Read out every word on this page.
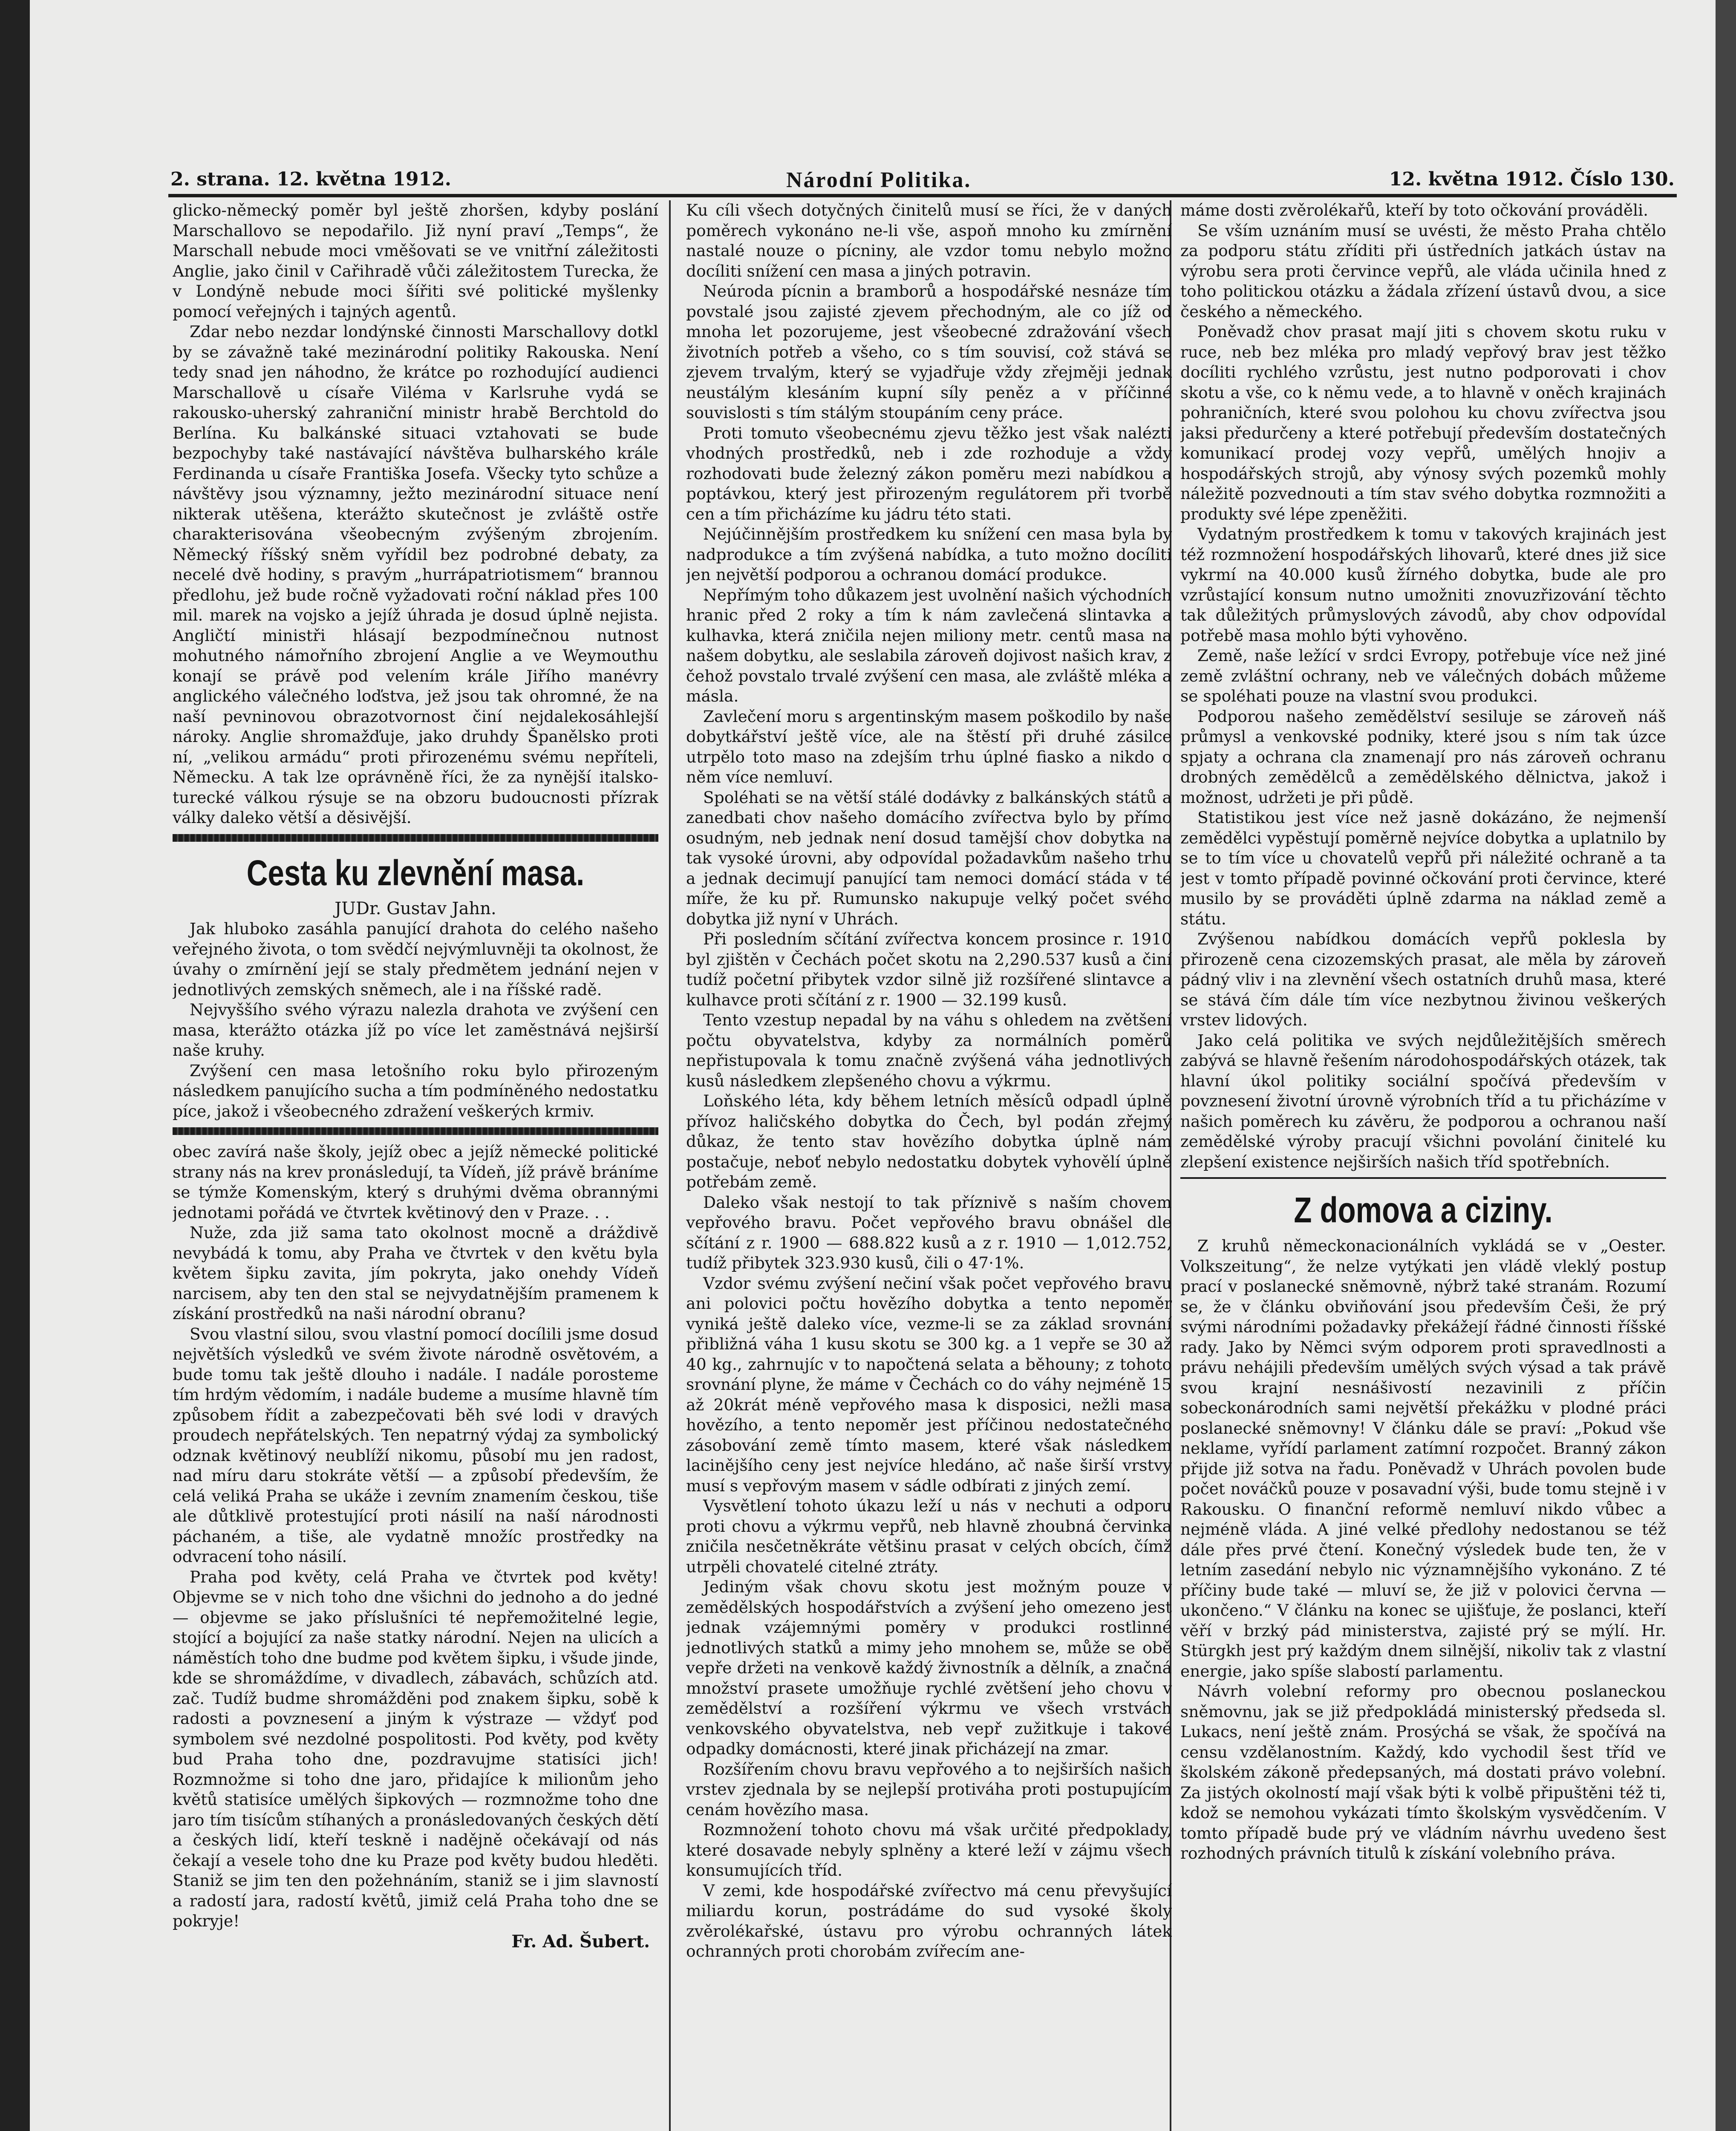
2. strana. 12. května 1912.	Národní Politika.	12. května 1912. Číslo 130.

glicko-německý poměr byl ještě zhoršen, kdyby poslání Marschallovo se nepodařilo. Již nyní praví „Temps“, že Marschall nebude moci vměšovati se ve vnitřní záležitosti Anglie, jako činil v Cařihradě vůči záležitostem Turecka, že v Londýně nebude moci šířiti své politické myšlenky pomocí veřejných i tajných agentů.

Zdar nebo nezdar londýnské činnosti Marschallovy dotkl by se závažně také mezinárodní politiky Rakouska. Není tedy snad jen náhodno, že krátce po rozhodující audienci Marschallově u císaře Viléma v Karlsruhe vydá se rakousko-uherský zahraniční ministr hrabě Berchtold do Berlína. Ku balkánské situaci vztahovati se bude bezpochyby také nastávající návštěva bulharského krále Ferdinanda u císaře Františka Josefa. Všecky tyto schůze a návštěvy jsou významny, ježto mezinárodní situace není nikterak utěšena, kterážto skutečnost je zvláště ostře charakterisována všeobecným zvýšeným zbrojením. Německý říšský sněm vyřídil bez podrobné debaty, za necelé dvě hodiny, s pravým „hurrápatriotismem“ brannou předlohu, jež bude ročně vyžadovati roční náklad přes 100 mil. marek na vojsko a jejíž úhrada je dosud úplně nejista. Angličtí ministři hlásají bezpodmínečnou nutnost mohutného námořního zbrojení Anglie a ve Weymouthu konají se právě pod velením krále Jiřího manévry anglického válečného loďstva, jež jsou tak ohromné, že na naší pevninovou obrazotvornost činí nejdalekosáhlejší nároky. Anglie shromažďuje, jako druhdy Španělsko proti ní, „velikou armádu“ proti přirozenému svému nepříteli, Německu. A tak lze oprávněně říci, že za nynější italsko-turecké válkou rýsuje se na obzoru budoucnosti přízrak války daleko větší a děsivější.

Cesta ku zlevnění masa.
JUDr. Gustav Jahn.

Jak hluboko zasáhla panující drahota do celého našeho veřejného života, o tom svědčí nejvýmluvněji ta okolnost, že úvahy o zmírnění její se staly předmětem jednání nejen v jednotlivých zemských sněmech, ale i na říšské radě.

Nejvyššího svého výrazu nalezla drahota ve zvýšení cen masa, kterážto otázka jíž po více let zaměstnává nejširší naše kruhy.

Zvýšení cen masa letošního roku bylo přirozeným následkem panujícího sucha a tím podmíněného nedostatku píce, jakož i všeobecného zdražení veškerých krmiv.

obec zavírá naše školy, jejíž obec a jejíž německé politické strany nás na krev pronásledují, ta Vídeň, jíž právě bráníme se týmže Komenským, který s druhými dvěma obrannými jednotami pořádá ve čtvrtek květinový den v Praze. . .

Nuže, zda již sama tato okolnost mocně a dráždivě nevybádá k tomu, aby Praha ve čtvrtek v den květu byla květem šipku zavita, jím pokryta, jako onehdy Vídeň narcisem, aby ten den stal se nejvydatnějším pramenem k získání prostředků na naši národní obranu?

Svou vlastní silou, svou vlastní pomocí docílili jsme dosud největších výsledků ve svém živote národně osvětovém, a bude tomu tak ještě dlouho i nadále. I nadále porosteme tím hrdým vědomím, i nadále budeme a musíme hlavně tím způsobem řídit a zabezpečovati běh své lodi v dravých proudech nepřátelských. Ten nepatrný výdaj za symbolický odznak květinový neublíží nikomu, působí mu jen radost, nad míru daru stokráte větší — a způsobí především, že celá veliká Praha se ukáže i zevním znamením českou, tiše ale důtklivě protestující proti násilí na naší národnosti páchaném, a tiše, ale vydatně množíc prostředky na odvracení toho násilí.

Praha pod květy, celá Praha ve čtvrtek pod květy! Objevme se v nich toho dne všichni do jednoho a do jedné — objevme se jako příslušníci té nepřemožitelné legie, stojící a bojující za naše statky národní. Nejen na ulicích a náměstích toho dne budme pod květem šipku, i všude jinde, kde se shromáždíme, v divadlech, zábavách, schůzích atd. zač. Tudíž budme shromážděni pod znakem šipku, sobě k radosti a povznesení a jiným k výstraze — vždyť pod symbolem své nezdolné pospolitosti. Pod květy, pod květy bud Praha toho dne, pozdravujme statisíci jich! Rozmnožme si toho dne jaro, přidajíce k milionům jeho květů statisíce umělých šipkových — rozmnožme toho dne jaro tím tisícům stíhaných a pronásledovaných českých dětí a českých lidí, kteří teskně i nadějně očekávají od nás čekají a vesele toho dne ku Praze pod květy budou hleděti. Staniž se jim ten den požehnáním, staniž se i jim slavností a radostí jara, radostí květů, jimiž celá Praha toho dne se pokryje!

Fr. Ad. Šubert.

Ku cíli všech dotyčných činitelů musí se říci, že v daných poměrech vykonáno ne-li vše, aspoň mnoho ku zmírnění nastalé nouze o pícniny, ale vzdor tomu nebylo možno docíliti snížení cen masa a jiných potravin.

Neúroda pícnin a bramborů a hospodářské nesnáze tím povstalé jsou zajisté zjevem přechodným, ale co jíž od mnoha let pozorujeme, jest všeobecné zdražování všech životních potřeb a všeho, co s tím souvisí, což stává se zjevem trvalým, který se vyjadřuje vždy zřejměji jednak neustálým klesáním kupní síly peněz a v příčinné souvislosti s tím stálým stoupáním ceny práce.

Proti tomuto všeobecnému zjevu těžko jest však nalézti vhodných prostředků, neb i zde rozhoduje a vždy rozhodovati bude železný zákon poměru mezi nabídkou a poptávkou, který jest přirozeným regulátorem při tvorbě cen a tím přicházíme ku jádru této stati.

Nejúčinnějším prostředkem ku snížení cen masa byla by nadprodukce a tím zvýšená nabídka, a tuto možno docíliti jen největší podporou a ochranou domácí produkce.

Nepřímým toho důkazem jest uvolnění našich východních hranic před 2 roky a tím k nám zavlečená slintavka a kulhavka, která zničila nejen miliony metr. centů masa na našem dobytku, ale seslabila zároveň dojivost našich krav, z čehož povstalo trvalé zvýšení cen masa, ale zvláště mléka a másla.

Zavlečení moru s argentinským masem poškodilo by naše dobytkářství ještě více, ale na štěstí při druhé zásilce utrpělo toto maso na zdejším trhu úplné fiasko a nikdo o něm více nemluví.

Spoléhati se na větší stálé dodávky z balkánských států a zanedbati chov našeho domácího zvířectva bylo by přímo osudným, neb jednak není dosud tamější chov dobytka na tak vysoké úrovni, aby odpovídal požadavkům našeho trhu a jednak decimují panující tam nemoci domácí stáda v té míře, že ku př. Rumunsko nakupuje velký počet svého dobytka již nyní v Uhrách.

Při posledním sčítání zvířectva koncem prosince r. 1910 byl zjištěn v Čechách počet skotu na 2,290.537 kusů a činí tudíž početní přibytek vzdor silně již rozšířené slintavce a kulhavce proti sčítání z r. 1900 — 32.199 kusů.

Tento vzestup nepadal by na váhu s ohledem na zvětšení počtu obyvatelstva, kdyby za normálních poměrů nepřistupovala k tomu značně zvýšená váha jednotlivých kusů následkem zlepšeného chovu a výkrmu.

Loňského léta, kdy během letních měsíců odpadl úplně přívoz haličského dobytka do Čech, byl podán zřejmý důkaz, že tento stav hovězího dobytka úplně nám postačuje, neboť nebylo nedostatku dobytek vyhovělí úplně potřebám země.

Daleko však nestojí to tak příznivě s naším chovem vepřového bravu. Počet vepřového bravu obnášel dle sčítání z r. 1900 — 688.822 kusů a z r. 1910 — 1,012.752, tudíž přibytek 323.930 kusů, čili o 47·1%.

Vzdor svému zvýšení nečiní však počet vepřového bravu ani polovici počtu hovězího dobytka a tento nepoměr vyniká ještě daleko více, vezme-li se za základ srovnání přibližná váha 1 kusu skotu se 300 kg. a 1 vepře se 30 až 40 kg., zahrnujíc v to napočtená selata a běhouny; z tohoto srovnání plyne, že máme v Čechách co do váhy nejméně 15 až 20krát méně vepřového masa k disposici, nežli masa hovězího, a tento nepoměr jest příčinou nedostatečného zásobování země tímto masem, které však následkem lacinějšího ceny jest nejvíce hledáno, ač naše širší vrstvy musí s vepřovým masem v sádle odbírati z jiných zemí.

Vysvětlení tohoto úkazu leží u nás v nechuti a odporu proti chovu a výkrmu vepřů, neb hlavně zhoubná červinka zničila nesčetněkráte většinu prasat v celých obcích, čímž utrpěli chovatelé citelné ztráty.

Jediným však chovu skotu jest možným pouze v zemědělských hospodářstvích a zvýšení jeho omezeno jest jednak vzájemnými poměry v produkci rostlinné jednotlivých statků a mimy jeho mnohem se, může se obě vepře držeti na venkově každý živnostník a dělník, a značná množství prasete umožňuje rychlé zvětšení jeho chovu v zemědělství a rozšíření výkrmu ve všech vrstvách venkovského obyvatelstva, neb vepř zužitkuje i takové odpadky domácnosti, které jinak přicházejí na zmar.

Rozšířením chovu bravu vepřového a to nejširších našich vrstev zjednala by se nejlepší protiváha proti postupujícím cenám hovězího masa.

Rozmnožení tohoto chovu má však určité předpoklady, které dosavade nebyly splněny a které leží v zájmu všech konsumujících tříd.

V zemi, kde hospodářské zvířectvo má cenu převyšující miliardu korun, postrádáme do sud vysoké školy zvěrolékařské, ústavu pro výrobu ochranných látek ochranných proti chorobám zvířecím ane-

máme dosti zvěrolékařů, kteří by toto očkování prováděli.

Se vším uznáním musí se uvésti, že město Praha chtělo za podporu státu zříditi při ústředních jatkách ústav na výrobu sera proti červince vepřů, ale vláda učinila hned z toho politickou otázku a žádala zřízení ústavů dvou, a sice českého a německého.

Poněvadž chov prasat mají jiti s chovem skotu ruku v ruce, neb bez mléka pro mladý vepřový brav jest těžko docíliti rychlého vzrůstu, jest nutno podporovati i chov skotu a vše, co k němu vede, a to hlavně v oněch krajinách pohraničních, které svou polohou ku chovu zvířectva jsou jaksi předurčeny a které potřebují především dostatečných komunikací prodej vozy vepřů, umělých hnojiv a hospodářských strojů, aby výnosy svých pozemků mohly náležitě pozvednouti a tím stav svého dobytka rozmnožiti a produkty své lépe zpeněžiti.

Vydatným prostředkem k tomu v takových krajinách jest též rozmnožení hospodářských lihovarů, které dnes již sice vykrmí na 40.000 kusů žírného dobytka, bude ale pro vzrůstající konsum nutno umožniti znovuzřizování těchto tak důležitých průmyslových závodů, aby chov odpovídal potřebě masa mohlo býti vyhověno.

Země, naše ležící v srdci Evropy, potřebuje více než jiné země zvláštní ochrany, neb ve válečných dobách můžeme se spoléhati pouze na vlastní svou produkci.

Podporou našeho zemědělství sesiluje se zároveň náš průmysl a venkovské podniky, které jsou s ním tak úzce spjaty a ochrana cla znamenají pro nás zároveň ochranu drobných zemědělců a zemědělského dělnictva, jakož i možnost, udržeti je při půdě.

Statistikou jest více než jasně dokázáno, že nejmenší zemědělci vypěstují poměrně nejvíce dobytka a uplatnilo by se to tím více u chovatelů vepřů při náležité ochraně a ta jest v tomto případě povinné očkování proti červince, které musilo by se prováděti úplně zdarma na náklad země a státu.

Zvýšenou nabídkou domácích vepřů poklesla by přirozeně cena cizozemských prasat, ale měla by zároveň pádný vliv i na zlevnění všech ostatních druhů masa, které se stává čím dále tím více nezbytnou živinou veškerých vrstev lidových.

Jako celá politika ve svých nejdůležitějších směrech zabývá se hlavně řešením národohospodářských otázek, tak hlavní úkol politiky sociální spočívá především v povznesení životní úrovně výrobních tříd a tu přicházíme v našich poměrech ku závěru, že podporou a ochranou naší zemědělské výroby pracují všichni povolání činitelé ku zlepšení existence nejširších našich tříd spotřebních.

Z domova a ciziny.

Z kruhů německonacionálních vykládá se v „Oester. Volkszeitung“, že nelze vytýkati jen vládě vleklý postup prací v poslanecké sněmovně, nýbrž také stranám. Rozumí se, že v článku obviňování jsou především Češi, že prý svými národními požadavky překážejí řádné činnosti říšské rady. Jako by Němci svým odporem proti spravedlnosti a právu nehájili především umělých svých výsad a tak právě svou krajní nesnášivostí nezavinili z příčin sobeckonárodních sami největší překážku v plodné práci poslanecké sněmovny! V článku dále se praví: „Pokud vše neklame, vyřídí parlament zatímní rozpočet. Branný zákon přijde již sotva na řadu. Poněvadž v Uhrách povolen bude počet nováčků pouze v posavadní výši, bude tomu stejně i v Rakousku. O finanční reformě nemluví nikdo vůbec a nejméně vláda. A jiné velké předlohy nedostanou se též dále přes prvé čtení. Konečný výsledek bude ten, že v letním zasedání nebylo nic významnějšího vykonáno. Z té příčiny bude také — mluví se, že již v polovici června — ukončeno.“ V článku na konec se ujišťuje, že poslanci, kteří věří v brzký pád ministerstva, zajisté prý se mýlí. Hr. Stürgkh jest prý každým dnem silnější, nikoliv tak z vlastní energie, jako spíše slabostí parlamentu.

Návrh volební reformy pro obecnou poslaneckou sněmovnu, jak se již předpokládá ministerský předseda sl. Lukacs, není ještě znám. Prosýchá se však, že spočívá na censu vzdělanostním. Každý, kdo vychodil šest tříd ve školském zákoně předepsaných, má dostati právo volební. Za jistých okolností mají však býti k volbě připuštěni též ti, kdož se nemohou vykázati tímto školským vysvědčením. V tomto případě bude prý ve vládním návrhu uvedeno šest rozhodných právních titulů k získání volebního práva.
